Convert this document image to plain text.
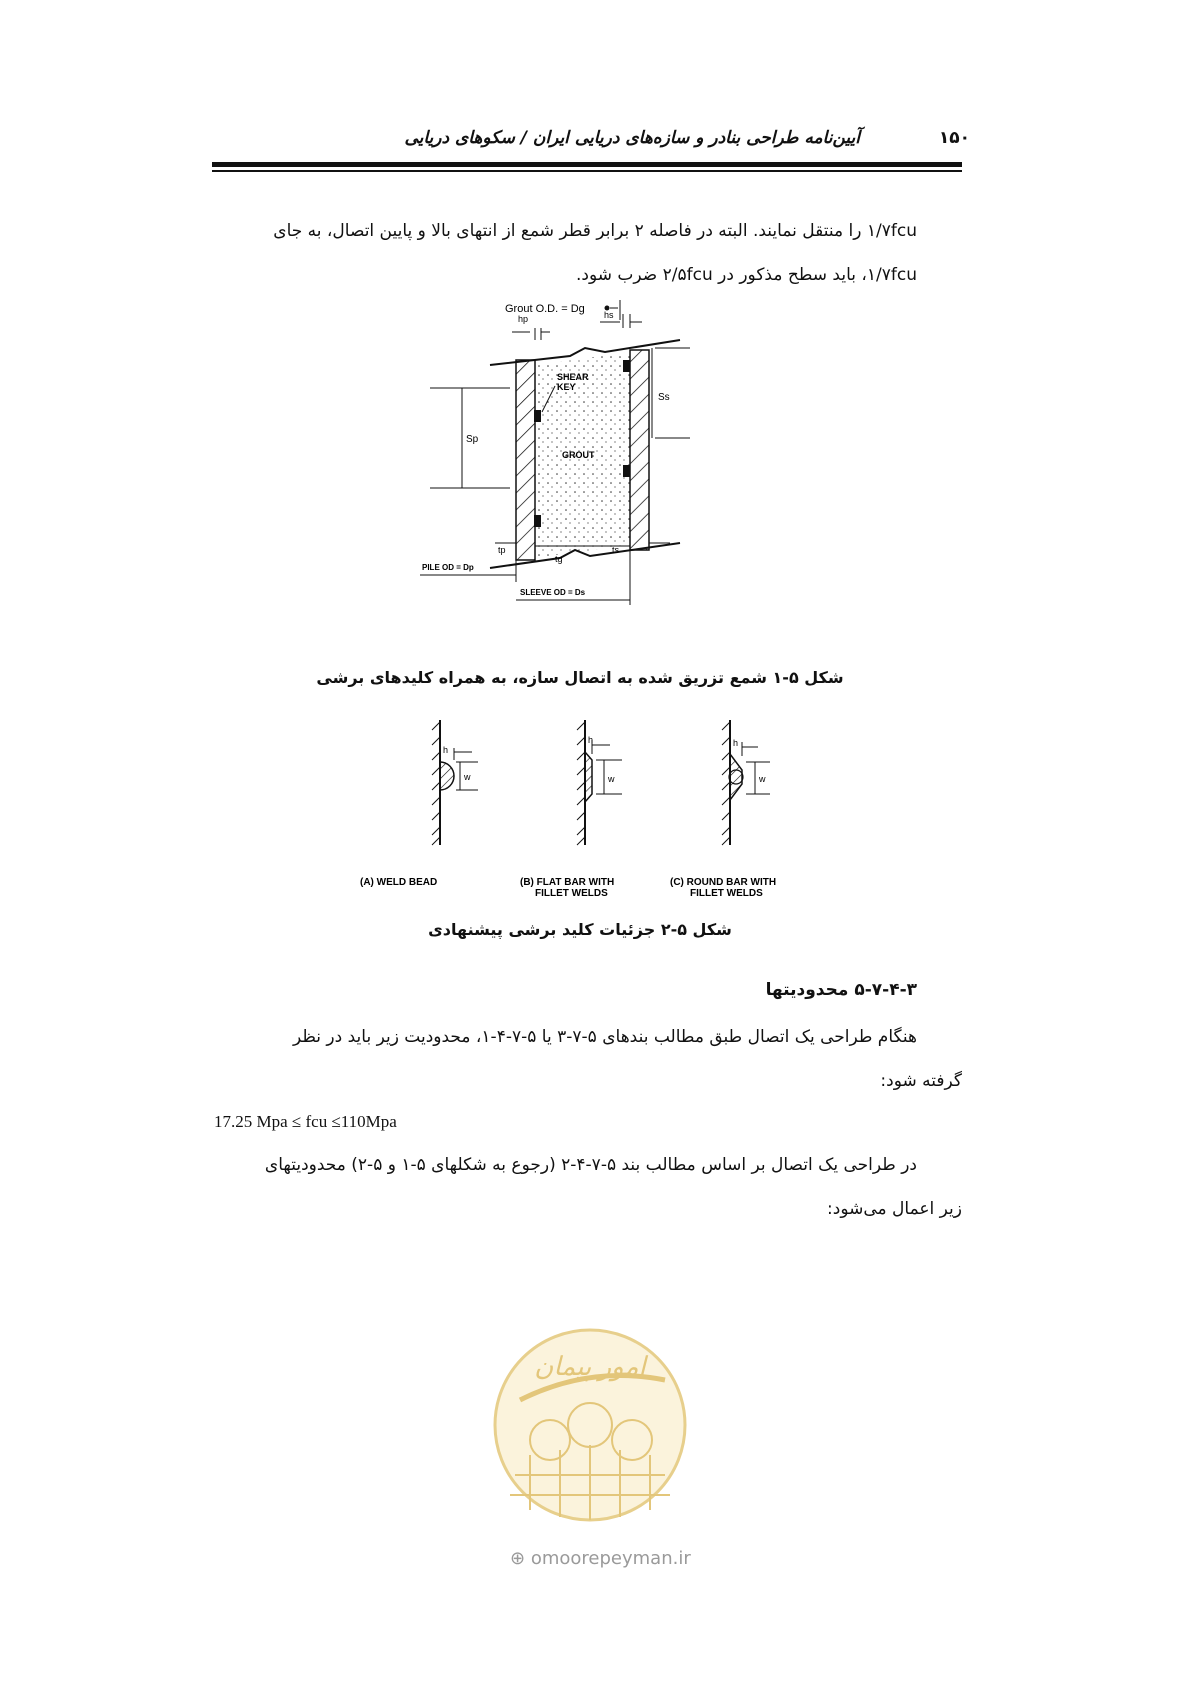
آیین‌نامه طراحی بنادر و سازه‌های دریایی ایران / سکوهای دریایی	۱۵۰
۱/۷fcu را منتقل نمایند. البته در فاصله ۲ برابر قطر شمع از انتهای بالا و پایین اتصال، به جای
۱/۷fcu، باید سطح مذکور در ۲/۵fcu ضرب شود.
SHEAR
KEY
GROUT
Grout O.D. = Dg
hp	hs
Sp
Ss
tp
tg
ts
PILE OD = Dp
SLEEVE OD = Ds
شکل ۵-۱ شمع تزریق شده به اتصال سازه، به همراه کلیدهای برشی
h
w
h
w
h
w
(A) WELD BEAD	(B) FLAT BAR WITH
FILLET WELDS
(C) ROUND BAR WITH
FILLET WELDS
شکل ۵-۲ جزئیات کلید برشی پیشنهادی
۵-۷-۴-۳ محدودیتها
هنگام طراحی یک اتصال طبق مطالب بندهای ۵-۷-۳ یا ۵-۷-۴-۱، محدودیت زیر باید در نظر
گرفته شود:
17.25 Mpa ≤ fcu ≤110Mpa
در طراحی یک اتصال بر اساس مطالب بند ۵-۷-۴-۲ (رجوع به شکلهای ۵-۱ و ۵-۲) محدودیتهای
زیر اعمال می‌شود:
امور پیمان
⊕ omoorepeyman.ir
